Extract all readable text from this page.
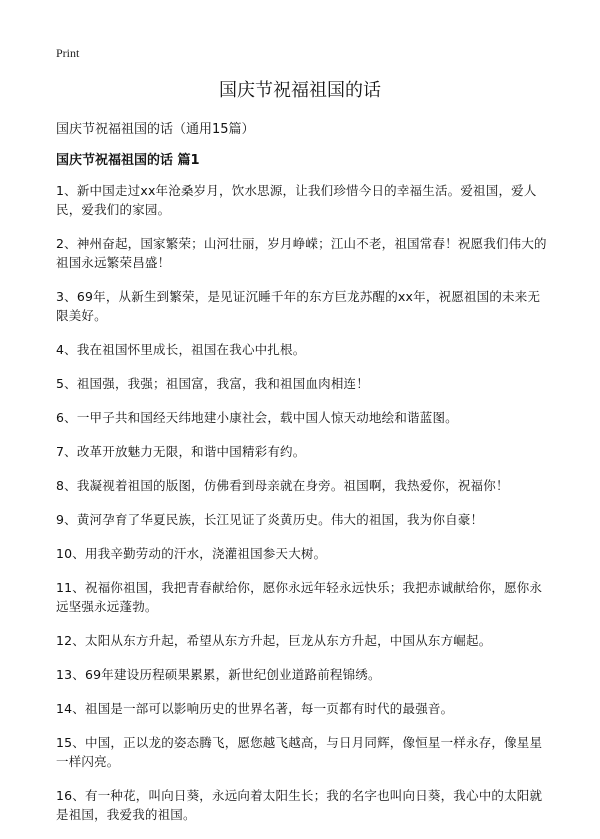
Print
国庆节祝福祖国的话
国庆节祝福祖国的话（通用15篇）
国庆节祝福祖国的话 篇1
1、新中国走过xx年沧桑岁月，饮水思源，让我们珍惜今日的幸福生活。爱祖国，爱人民，爱我们的家园。
2、神州奋起，国家繁荣；山河壮丽，岁月峥嵘；江山不老，祖国常春！祝愿我们伟大的祖国永远繁荣昌盛！
3、69年，从新生到繁荣，是见证沉睡千年的东方巨龙苏醒的xx年，祝愿祖国的未来无限美好。
4、我在祖国怀里成长，祖国在我心中扎根。
5、祖国强，我强；祖国富，我富，我和祖国血肉相连！
6、一甲子共和国经天纬地建小康社会，载中国人惊天动地绘和谐蓝图。
7、改革开放魅力无限，和谐中国精彩有约。
8、我凝视着祖国的版图，仿佛看到母亲就在身旁。祖国啊，我热爱你，祝福你！
9、黄河孕育了华夏民族，长江见证了炎黄历史。伟大的祖国，我为你自豪！
10、用我辛勤劳动的汗水，浇灌祖国参天大树。
11、祝福你祖国，我把青春献给你，愿你永远年轻永远快乐；我把赤诚献给你，愿你永远坚强永远蓬勃。
12、太阳从东方升起，希望从东方升起，巨龙从东方升起，中国从东方崛起。
13、69年建设历程硕果累累，新世纪创业道路前程锦绣。
14、祖国是一部可以影响历史的世界名著，每一页都有时代的最强音。
15、中国，正以龙的姿态腾飞，愿您越飞越高，与日月同辉，像恒星一样永存，像星星一样闪亮。
16、有一种花，叫向日葵，永远向着太阳生长；我的名字也叫向日葵，我心中的太阳就是祖国，我爱我的祖国。
